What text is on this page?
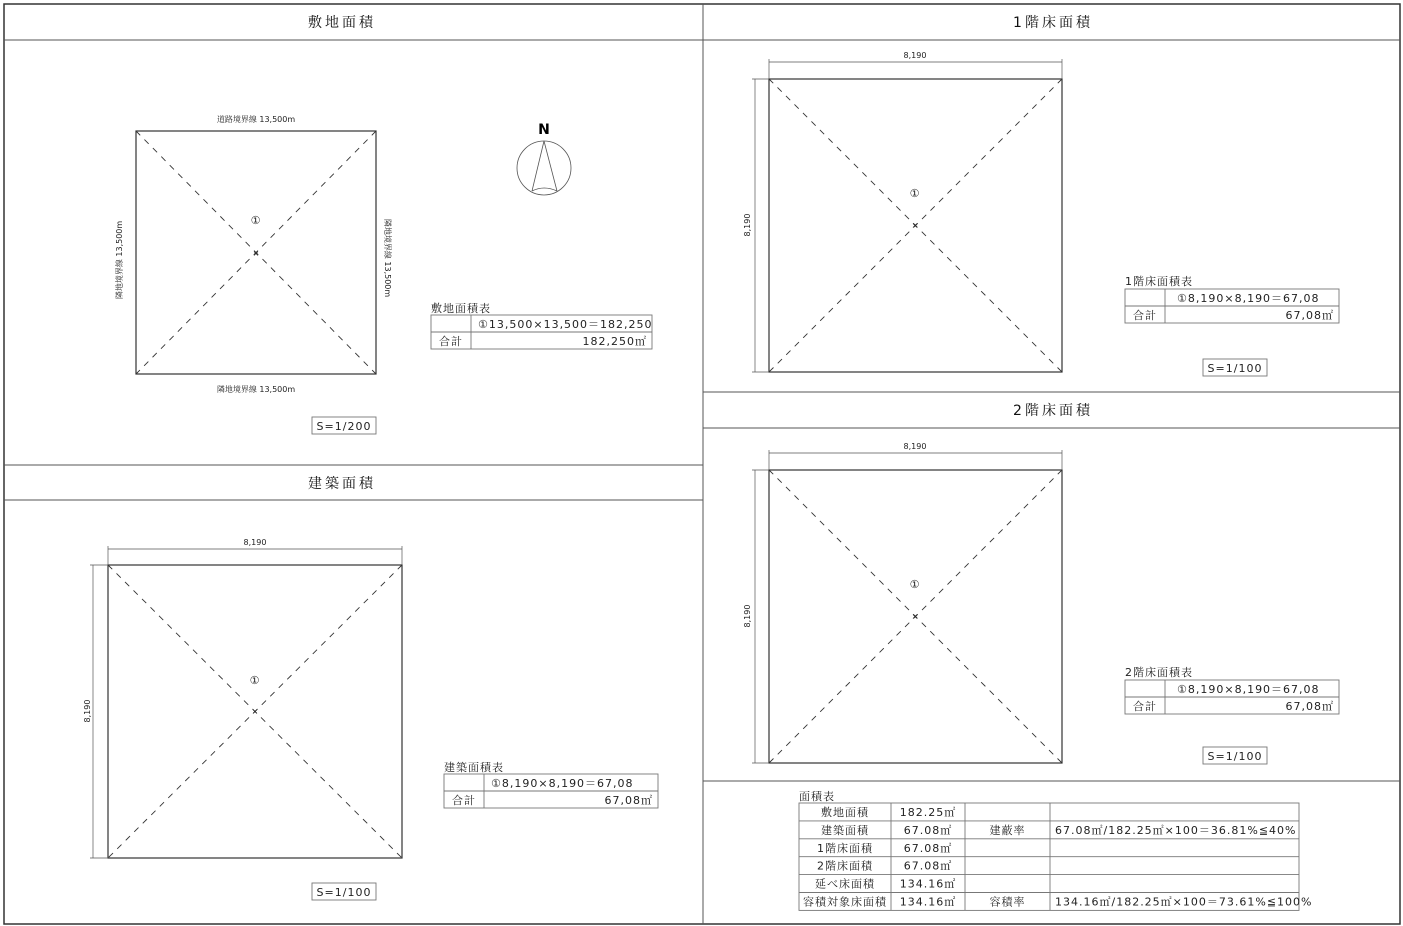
敷地面積
建築面積
1階床面積
2階床面積
道路境界線 13,500m
隣地境界線 13,500m
隣地境界線 13,500m	隣地境界線 13,500m
①
×
N
敷地面積表
①13,500×13,500＝182,250
合計	182,250㎡
S=1/200
8,190
8,190
①
×
建築面積表
①8,190×8,190＝67,08
合計	67,08㎡
S=1/100
8,190
8,190
①
×
1階床面積表
①8,190×8,190＝67,08
合計	67,08㎡
S=1/100
8,190
8,190
①
×
2階床面積表
①8,190×8,190＝67,08
合計	67,08㎡
S=1/100
面積表
敷地面積	182.25㎡
建築面積	67.08㎡	建蔽率	67.08㎡/182.25㎡×100＝36.81%≦40%
1階床面積	67.08㎡
2階床面積	67.08㎡
延べ床面積 134.16㎡
容積対象床面積 134.16㎡	容積率	134.16㎡/182.25㎡×100＝73.61%≦100%
